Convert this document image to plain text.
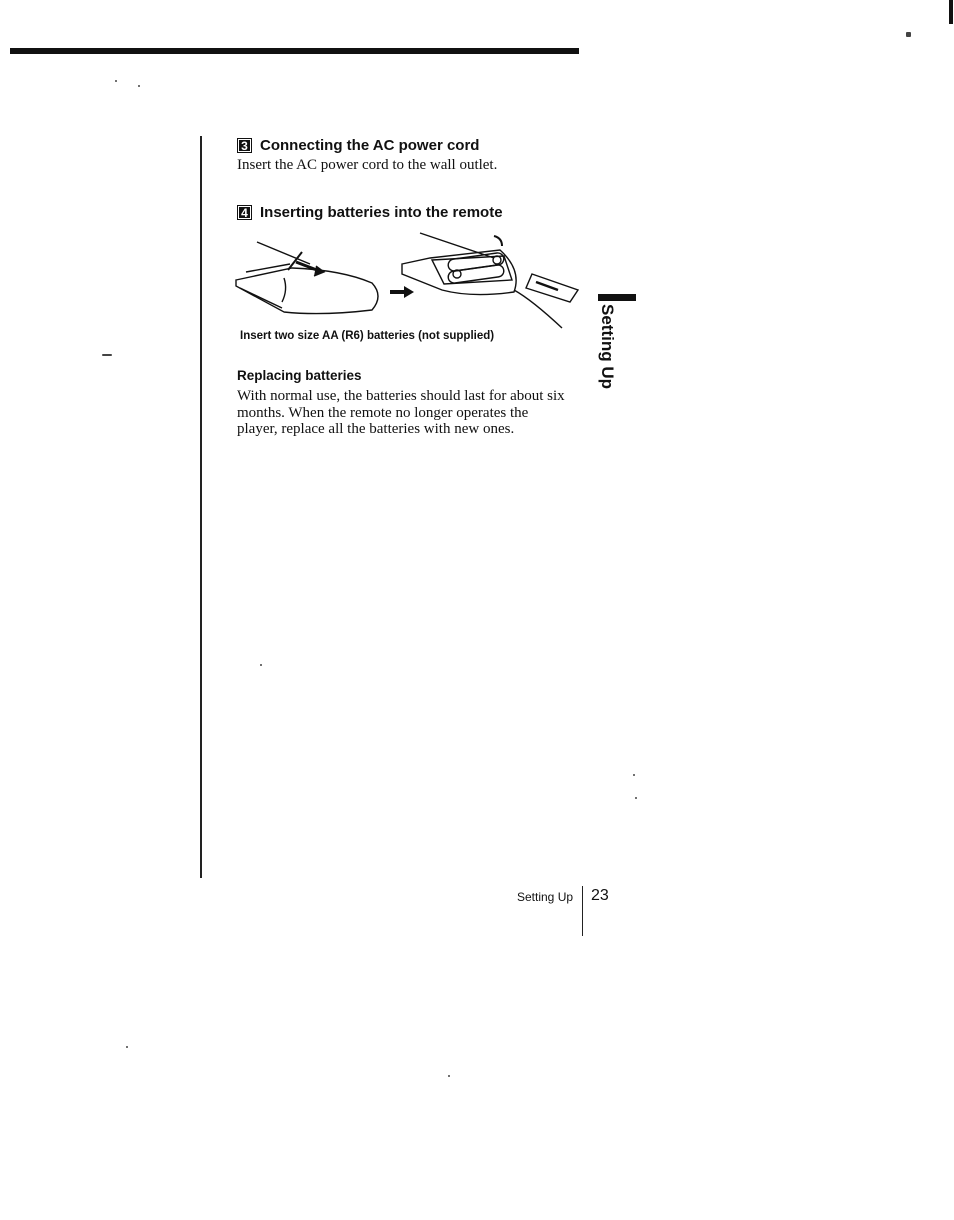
3 Connecting the AC power cord
Insert the AC power cord to the wall outlet.
4 Inserting batteries into the remote
Insert two size AA (R6) batteries (not supplied)
Replacing batteries
With normal use, the batteries should last for about six
months. When the remote no longer operates the
player, replace all the batteries with new ones.
Setting Up
Setting Up 23
